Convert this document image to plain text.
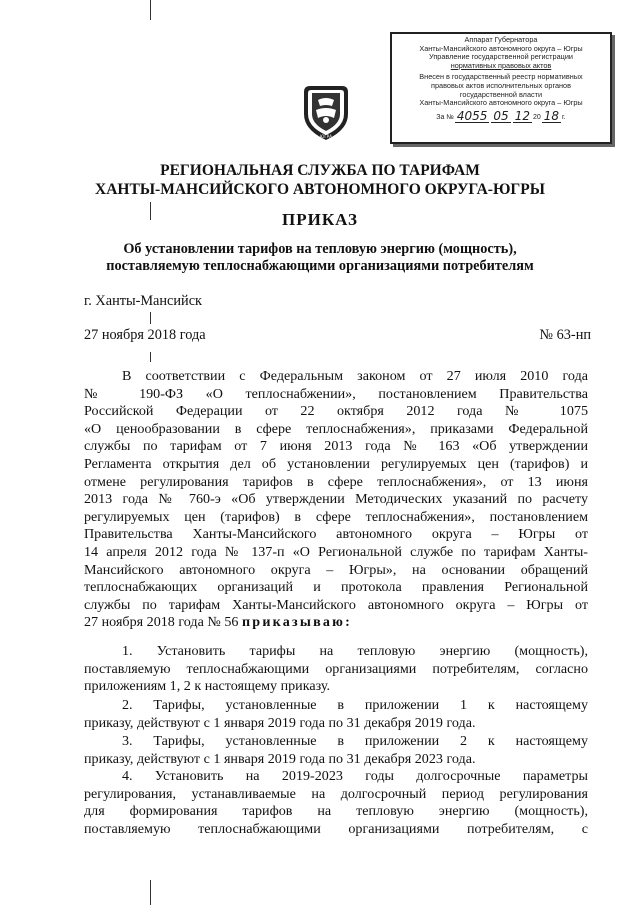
Аппарат Губернатора
Ханты-Мансийского автономного округа – Югры
Управление государственной регистрации
нормативных правовых актов
Внесен в государственный реестр нормативных
правовых актов исполнительных органов
государственной власти
Ханты-Мансийского автономного округа – Югры
За № 4055 05 12 20 18 г.
ЮГРА
РЕГИОНАЛЬНАЯ СЛУЖБА ПО ТАРИФАМ
ХАНТЫ-МАНСИЙСКОГО АВТОНОМНОГО ОКРУГА-ЮГРЫ
ПРИКАЗ
Об установлении тарифов на тепловую энергию (мощность),
поставляемую теплоснабжающими организациями потребителям
г. Ханты-Мансийск
27 ноября 2018 года	№ 63-нп
В соответствии с Федеральным законом от 27 июля 2010 года
№ 190-ФЗ «О теплоснабжении», постановлением Правительства
Российской Федерации от 22 октября 2012 года № 1075
«О ценообразовании в сфере теплоснабжения», приказами Федеральной
службы по тарифам от 7 июня 2013 года № 163 «Об утверждении
Регламента открытия дел об установлении регулируемых цен (тарифов) и
отмене регулирования тарифов в сфере теплоснабжения», от 13 июня
2013 года № 760-э «Об утверждении Методических указаний по расчету
регулируемых цен (тарифов) в сфере теплоснабжения», постановлением
Правительства Ханты-Мансийского автономного округа – Югры от
14 апреля 2012 года № 137-п «О Региональной службе по тарифам Ханты-
Мансийского автономного округа – Югры», на основании обращений
теплоснабжающих организаций и протокола правления Региональной
службы по тарифам Ханты-Мансийского автономного округа – Югры от
27 ноября 2018 года № 56 приказываю:
1. Установить тарифы на тепловую энергию (мощность),
поставляемую теплоснабжающими организациями потребителям, согласно
приложениям 1, 2 к настоящему приказу.
2. Тарифы, установленные в приложении 1 к настоящему
приказу, действуют с 1 января 2019 года по 31 декабря 2019 года.
3. Тарифы, установленные в приложении 2 к настоящему
приказу, действуют с 1 января 2019 года по 31 декабря 2023 года.
4. Установить на 2019-2023 годы долгосрочные параметры
регулирования, устанавливаемые на долгосрочный период регулирования
для формирования тарифов на тепловую энергию (мощность),
поставляемую теплоснабжающими организациями потребителям, с
